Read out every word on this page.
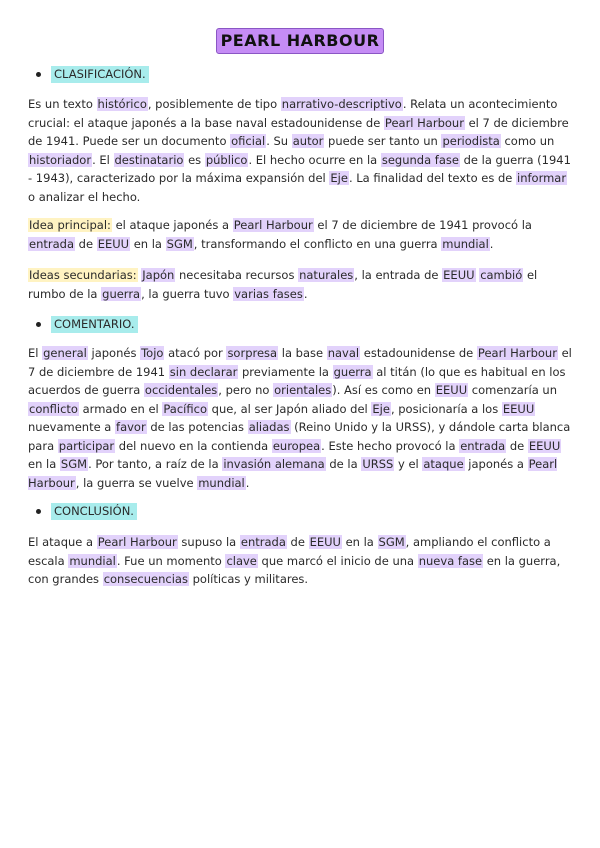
PEARL HARBOUR
CLASIFICACIÓN.

Es un texto histórico, posiblemente de tipo narrativo-descriptivo. Relata un acontecimiento crucial: el ataque japonés a la base naval estadounidense de Pearl Harbour el 7 de diciembre de 1941. Puede ser un documento oficial. Su autor puede ser tanto un periodista como un historiador. El destinatario es público. El hecho ocurre en la segunda fase de la guerra (1941 - 1943), caracterizado por la máxima expansión del Eje. La finalidad del texto es de informar o analizar el hecho.

Idea principal: el ataque japonés a Pearl Harbour el 7 de diciembre de 1941 provocó la entrada de EEUU en la SGM, transformando el conflicto en una guerra mundial.

Ideas secundarias: Japón necesitaba recursos naturales, la entrada de EEUU cambió el rumbo de la guerra, la guerra tuvo varias fases.

COMENTARIO.

El general japonés Tojo atacó por sorpresa la base naval estadounidense de Pearl Harbour el 7 de diciembre de 1941 sin declarar previamente la guerra al titán (lo que es habitual en los acuerdos de guerra occidentales, pero no orientales). Así es como en EEUU comenzaría un conflicto armado en el Pacífico que, al ser Japón aliado del Eje, posicionaría a los EEUU nuevamente a favor de las potencias aliadas (Reino Unido y la URSS), y dándole carta blanca para participar del nuevo en la contienda europea. Este hecho provocó la entrada de EEUU en la SGM. Por tanto, a raíz de la invasión alemana de la URSS y el ataque japonés a Pearl Harbour, la guerra se vuelve mundial.

CONCLUSIÓN.

El ataque a Pearl Harbour supuso la entrada de EEUU en la SGM, ampliando el conflicto a escala mundial. Fue un momento clave que marcó el inicio de una nueva fase en la guerra, con grandes consecuencias políticas y militares.
